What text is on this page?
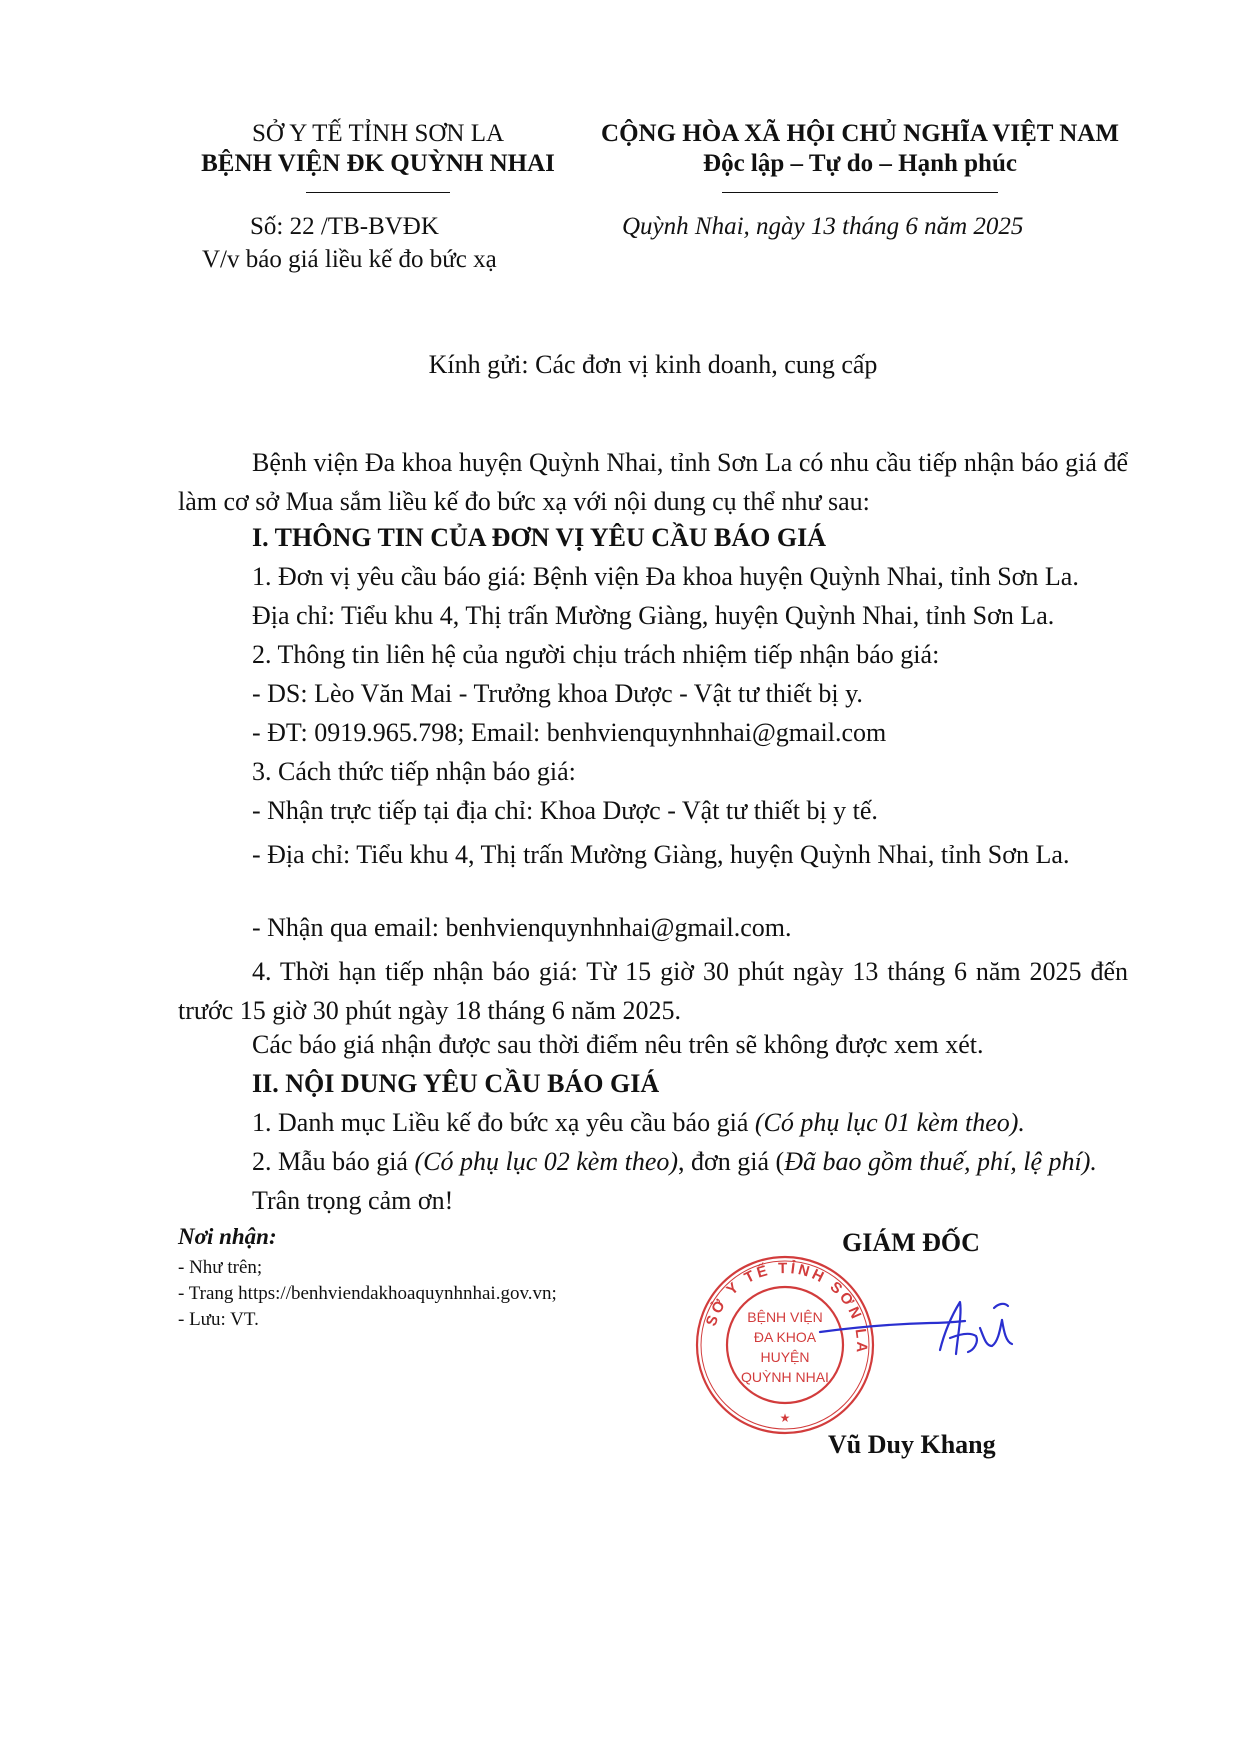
SỞ Y TẾ TỈNH SƠN LA
BỆNH VIỆN ĐK QUỲNH NHAI
Số: 22 /TB-BVĐK
V/v báo giá liều kế đo bức xạ
CỘNG HÒA XÃ HỘI CHỦ NGHĨA VIỆT NAM
Độc lập – Tự do – Hạnh phúc
Quỳnh Nhai, ngày 13 tháng 6 năm 2025
Kính gửi: Các đơn vị kinh doanh, cung cấp
Bệnh viện Đa khoa huyện Quỳnh Nhai, tỉnh Sơn La có nhu cầu tiếp nhận báo giá để làm cơ sở Mua sắm liều kế đo bức xạ với nội dung cụ thể như sau:
I. THÔNG TIN CỦA ĐƠN VỊ YÊU CẦU BÁO GIÁ
1. Đơn vị yêu cầu báo giá: Bệnh viện Đa khoa huyện Quỳnh Nhai, tỉnh Sơn La.
Địa chỉ: Tiểu khu 4, Thị trấn Mường Giàng, huyện Quỳnh Nhai, tỉnh Sơn La.
2. Thông tin liên hệ của người chịu trách nhiệm tiếp nhận báo giá:
- DS: Lèo Văn Mai - Trưởng khoa Dược - Vật tư thiết bị y.
- ĐT: 0919.965.798; Email: benhvienquynhnhai@gmail.com
3. Cách thức tiếp nhận báo giá:
- Nhận trực tiếp tại địa chỉ: Khoa Dược - Vật tư thiết bị y tế.
- Địa chỉ: Tiểu khu 4, Thị trấn Mường Giàng, huyện Quỳnh Nhai, tỉnh Sơn La.
- Nhận qua email: benhvienquynhnhai@gmail.com.
4. Thời hạn tiếp nhận báo giá: Từ 15 giờ 30 phút ngày 13 tháng 6 năm 2025 đến trước 15 giờ 30 phút ngày 18 tháng 6 năm 2025.
Các báo giá nhận được sau thời điểm nêu trên sẽ không được xem xét.
II. NỘI DUNG YÊU CẦU BÁO GIÁ
1. Danh mục Liều kế đo bức xạ yêu cầu báo giá (Có phụ lục 01 kèm theo).
2. Mẫu báo giá (Có phụ lục 02 kèm theo), đơn giá (Đã bao gồm thuế, phí, lệ phí).
Trân trọng cảm ơn!
Nơi nhận:
- Như trên;
- Trang https://benhviendakhoaquynhnhai.gov.vn;
- Lưu: VT.
GIÁM ĐỐC
SỞ Y TẾ TỈNH SƠN LA
BỆNH VIỆN
ĐA KHOA
HUYỆN
QUỲNH NHAI
★
Vũ Duy Khang
